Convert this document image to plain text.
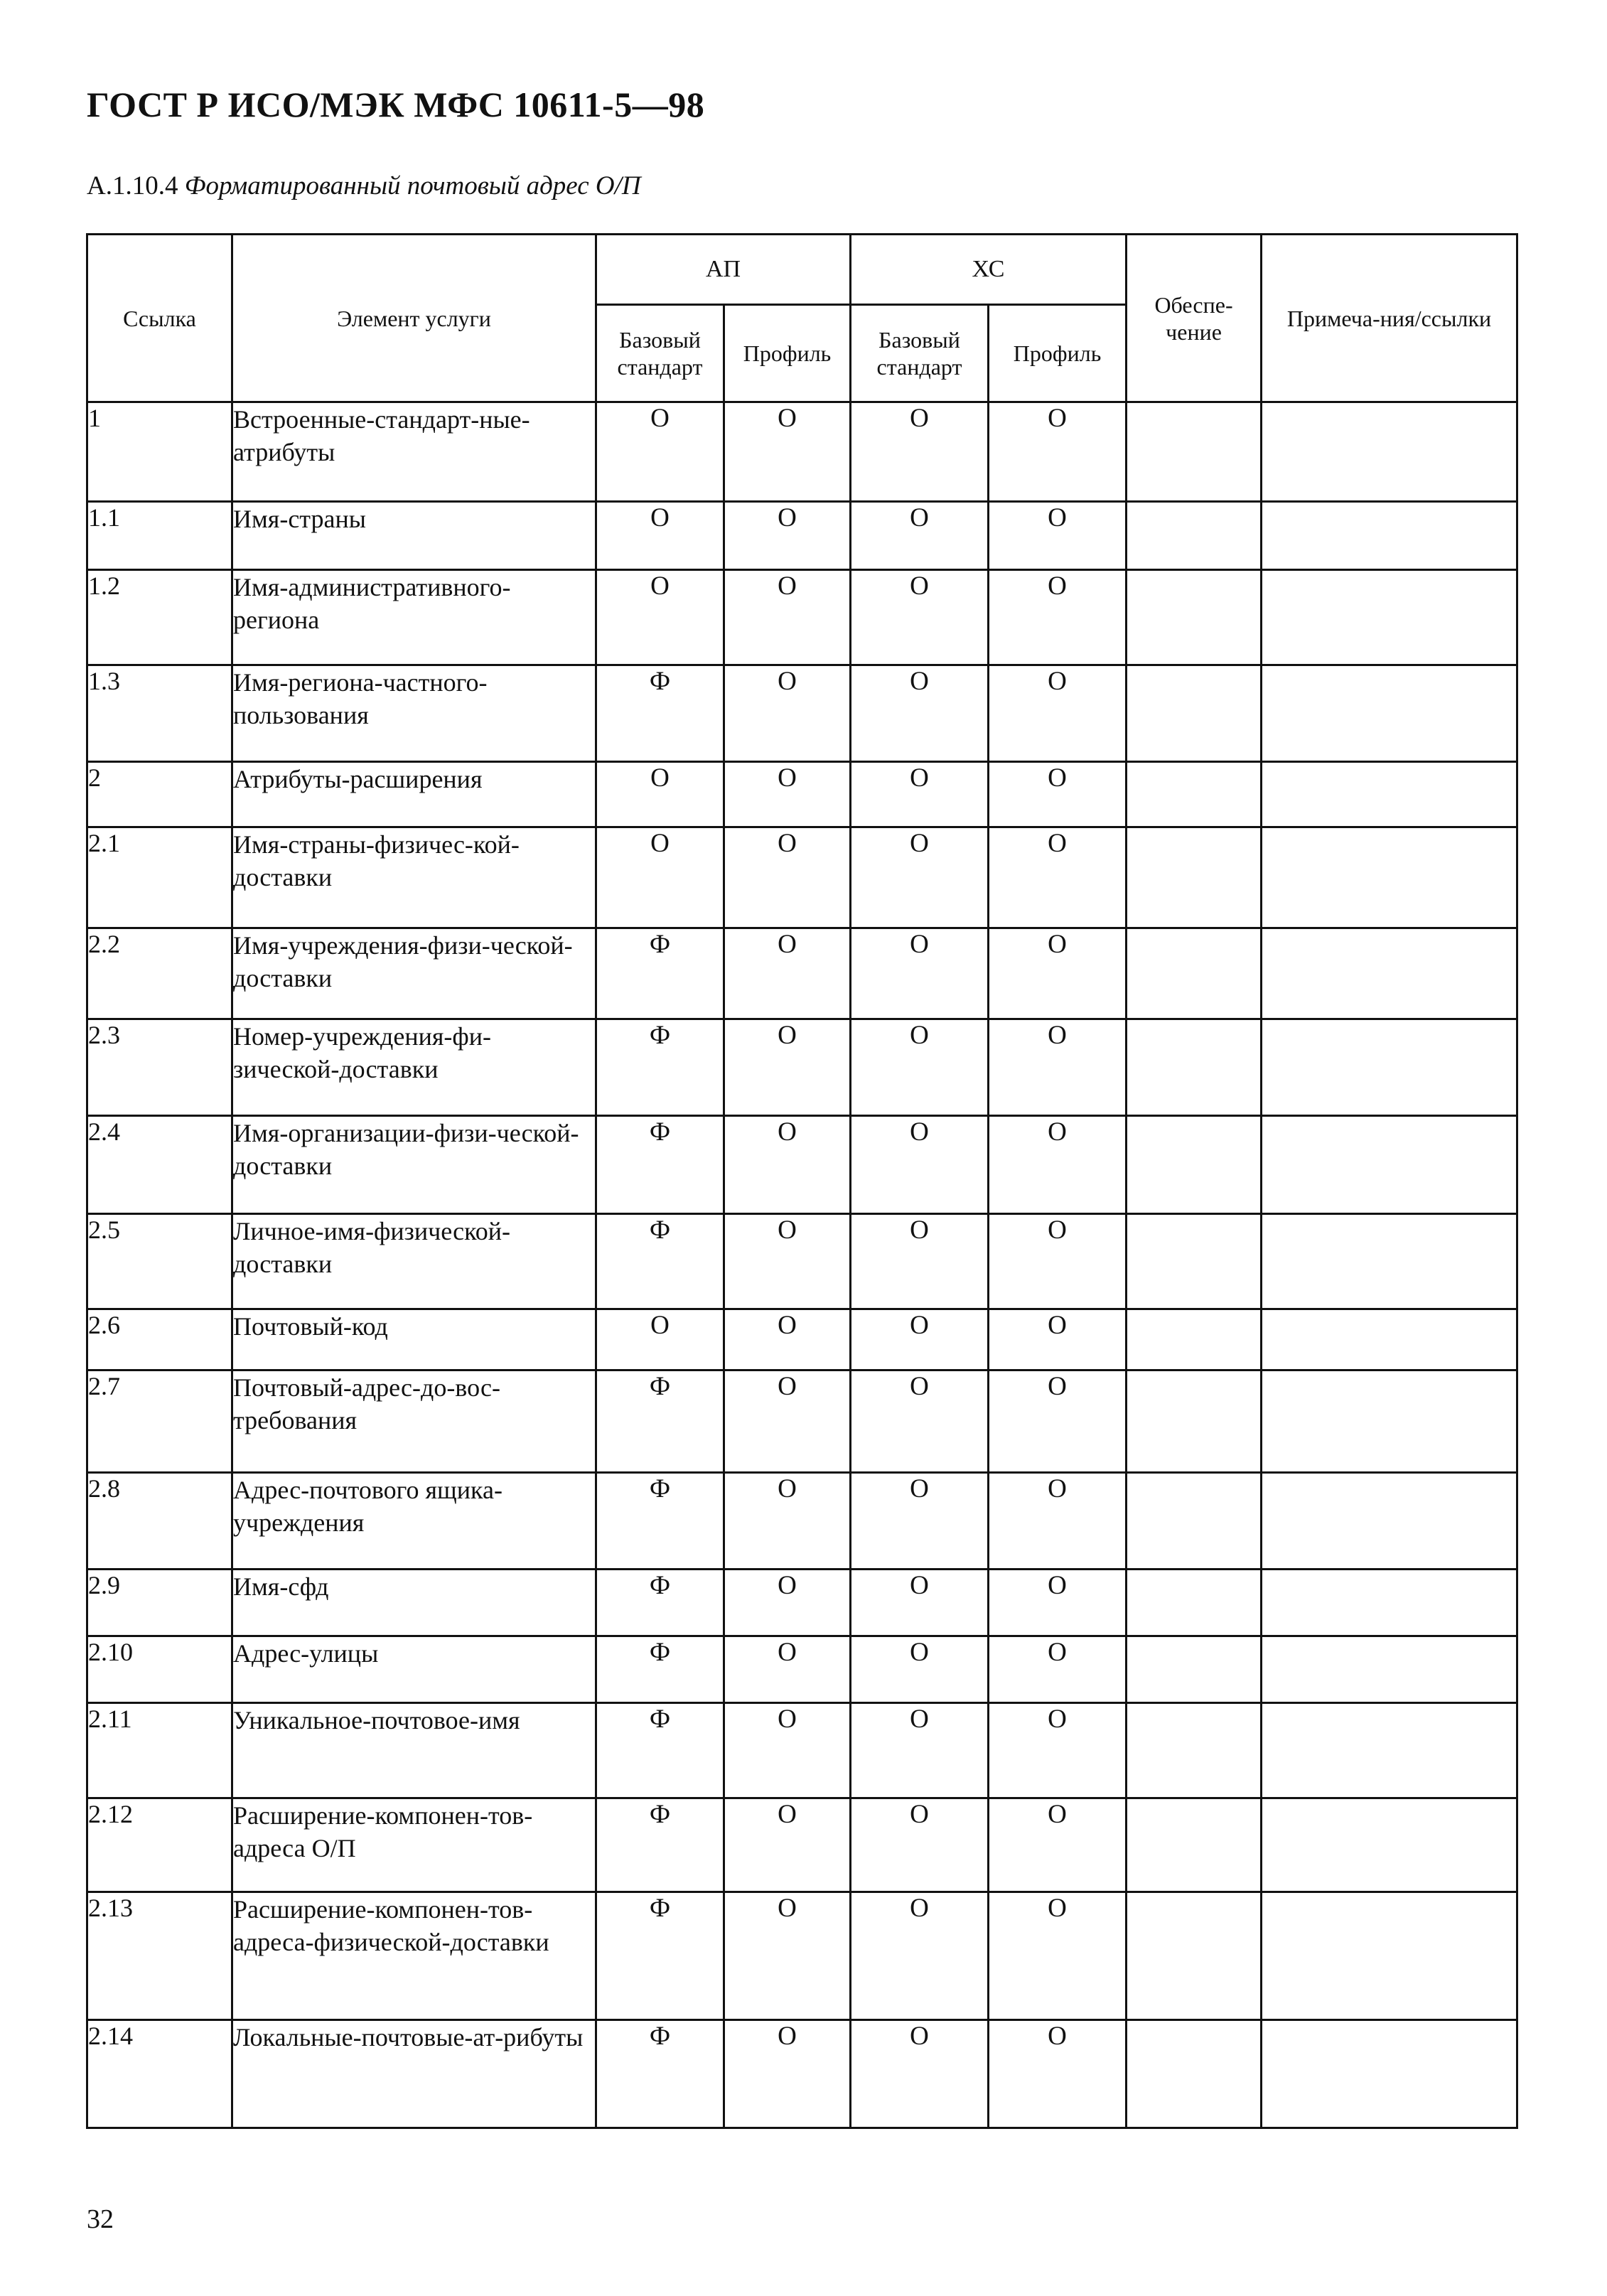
ГОСТ Р ИСО/МЭК МФС 10611-5—98
А.1.10.4 Форматированный почтовый адрес О/П
Ссылка	Элемент услуги	АП		ХС		Обеспе-чение	Примеча-ния/ссылки
		Базовый стандарт	Профиль	Базовый стандарт	Профиль		
1	Встроенные-стандарт-ные-атрибуты	О	О	О	О		
1.1	Имя-страны	О	О	О	О		
1.2	Имя-административного-региона	О	О	О	О		
1.3	Имя-региона-частного-пользования	Ф	О	О	О		
2	Атрибуты-расширения	О	О	О	О		
2.1	Имя-страны-физичес-кой-доставки	О	О	О	О		
2.2	Имя-учреждения-физи-ческой-доставки	Ф	О	О	О		
2.3	Номер-учреждения-фи-зической-доставки	Ф	О	О	О		
2.4	Имя-организации-физи-ческой-доставки	Ф	О	О	О		
2.5	Личное-имя-физической-доставки	Ф	О	О	О		
2.6	Почтовый-код	О	О	О	О		
2.7	Почтовый-адрес-до-вос-требования	Ф	О	О	О		
2.8	Адрес-почтового ящика-учреждения	Ф	О	О	О		
2.9	Имя-сфд	Ф	О	О	О		
2.10	Адрес-улицы	Ф	О	О	О		
2.11	Уникальное-почтовое-имя	Ф	О	О	О		
2.12	Расширение-компонен-тов-адреса О/П	Ф	О	О	О		
2.13	Расширение-компонен-тов-адреса-физической-доставки	Ф	О	О	О		
2.14	Локальные-почтовые-ат-рибуты	Ф	О	О	О		
32
